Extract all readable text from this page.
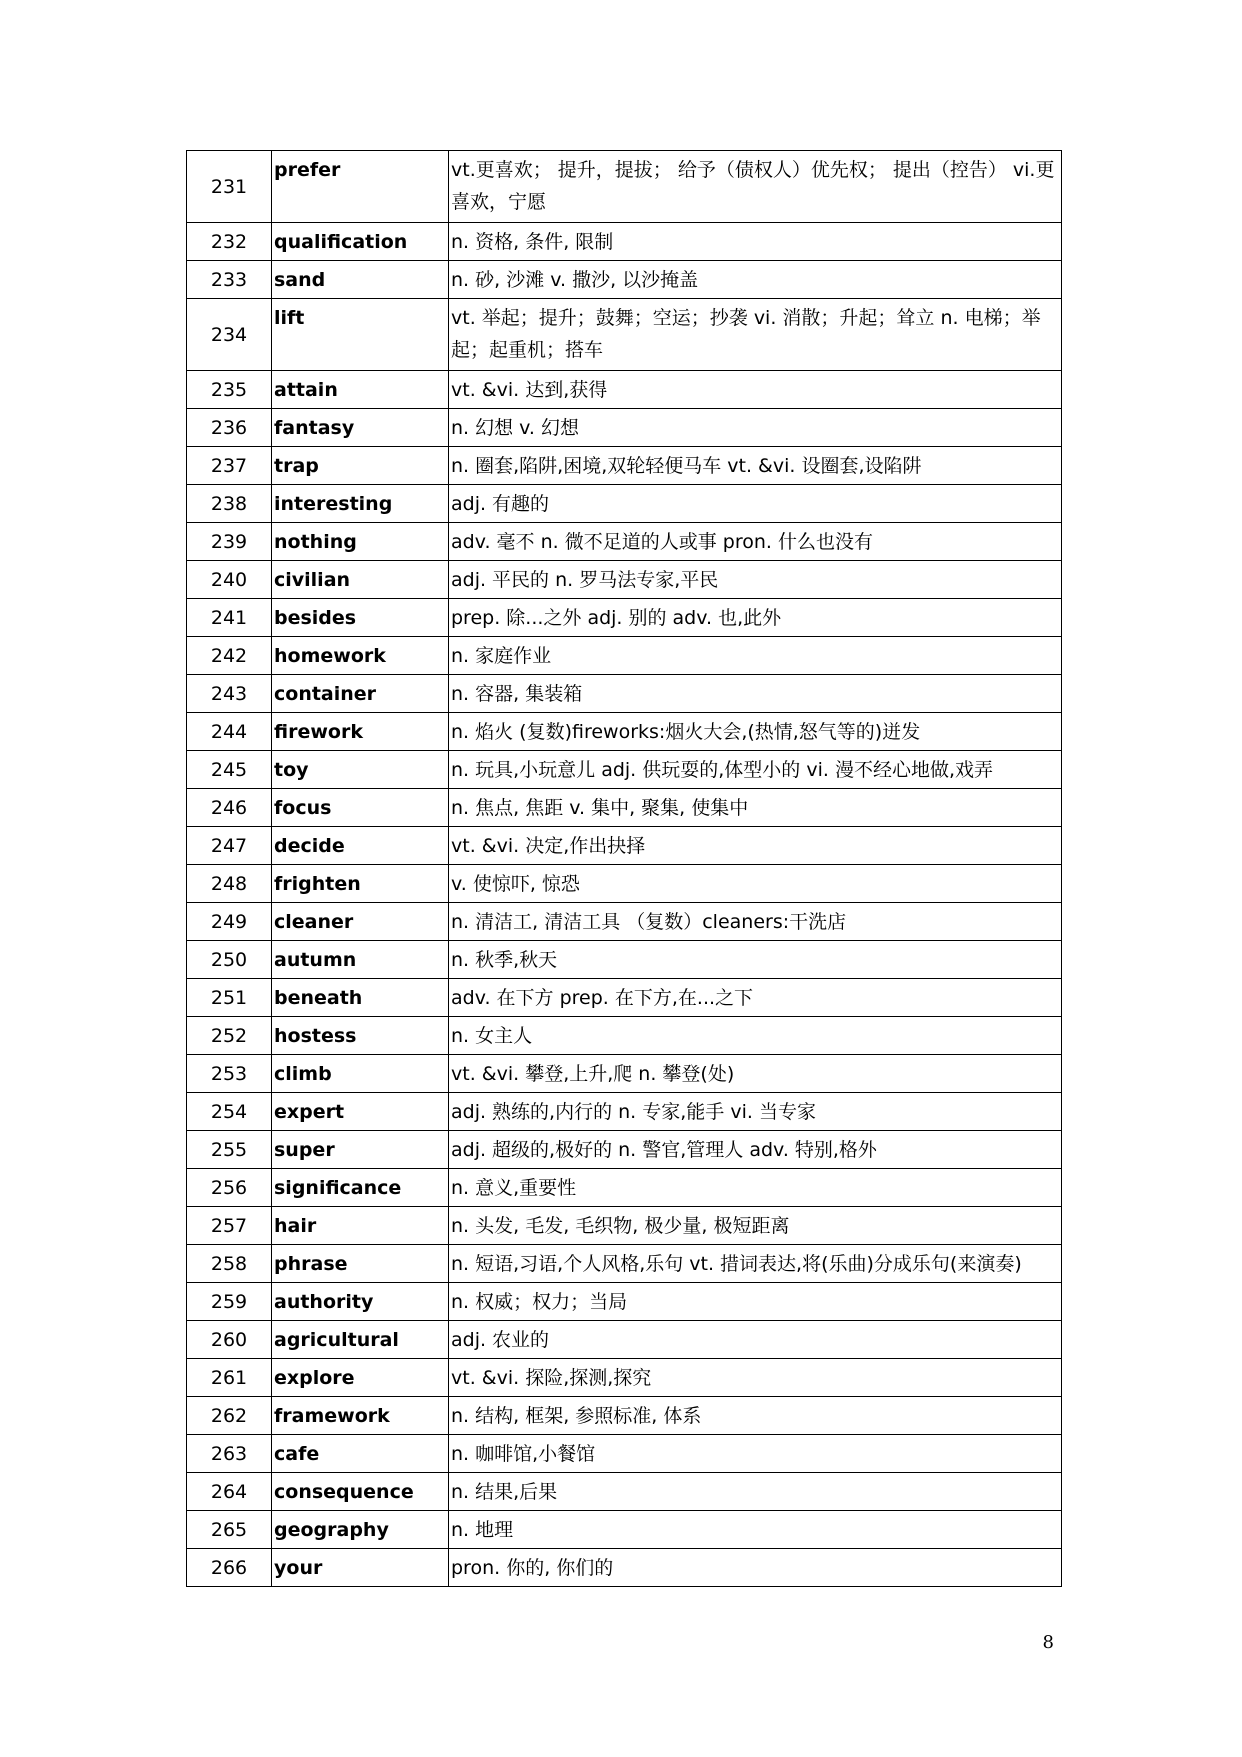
231	prefer	vt.更喜欢； 提升，提拔； 给予（债权人）优先权； 提出（控告） vi.更喜欢，宁愿
232	qualification	n. 资格, 条件, 限制
233	sand	n. 砂, 沙滩 v. 撒沙, 以沙掩盖
234	lift	vt. 举起；提升；鼓舞；空运；抄袭 vi. 消散；升起；耸立 n. 电梯；举起；起重机；搭车
235	attain	vt. &vi. 达到,获得
236	fantasy	n. 幻想 v. 幻想
237	trap	n. 圈套,陷阱,困境,双轮轻便马车 vt. &vi. 设圈套,设陷阱
238	interesting	adj. 有趣的
239	nothing	adv. 毫不 n. 微不足道的人或事 pron. 什么也没有
240	civilian	adj. 平民的 n. 罗马法专家,平民
241	besides	prep. 除...之外 adj. 别的 adv. 也,此外
242	homework	n. 家庭作业
243	container	n. 容器, 集装箱
244	firework	n. 焰火 (复数)fireworks:烟火大会,(热情,怒气等的)迸发
245	toy	n. 玩具,小玩意儿 adj. 供玩耍的,体型小的 vi. 漫不经心地做,戏弄
246	focus	n. 焦点, 焦距 v. 集中, 聚集, 使集中
247	decide	vt. &vi. 决定,作出抉择
248	frighten	v. 使惊吓, 惊恐
249	cleaner	n. 清洁工, 清洁工具 （复数）cleaners:干洗店
250	autumn	n. 秋季,秋天
251	beneath	adv. 在下方 prep. 在下方,在...之下
252	hostess	n. 女主人
253	climb	vt. &vi. 攀登,上升,爬 n. 攀登(处)
254	expert	adj. 熟练的,内行的 n. 专家,能手 vi. 当专家
255	super	adj. 超级的,极好的 n. 警官,管理人 adv. 特别,格外
256	significance	n. 意义,重要性
257	hair	n. 头发, 毛发, 毛织物, 极少量, 极短距离
258	phrase	n. 短语,习语,个人风格,乐句 vt. 措词表达,将(乐曲)分成乐句(来演奏)
259	authority	n. 权威；权力；当局
260	agricultural	adj. 农业的
261	explore	vt. &vi. 探险,探测,探究
262	framework	n. 结构, 框架, 参照标准, 体系
263	cafe	n. 咖啡馆,小餐馆
264	consequence	n. 结果,后果
265	geography	n. 地理
266	your	pron. 你的, 你们的
8
